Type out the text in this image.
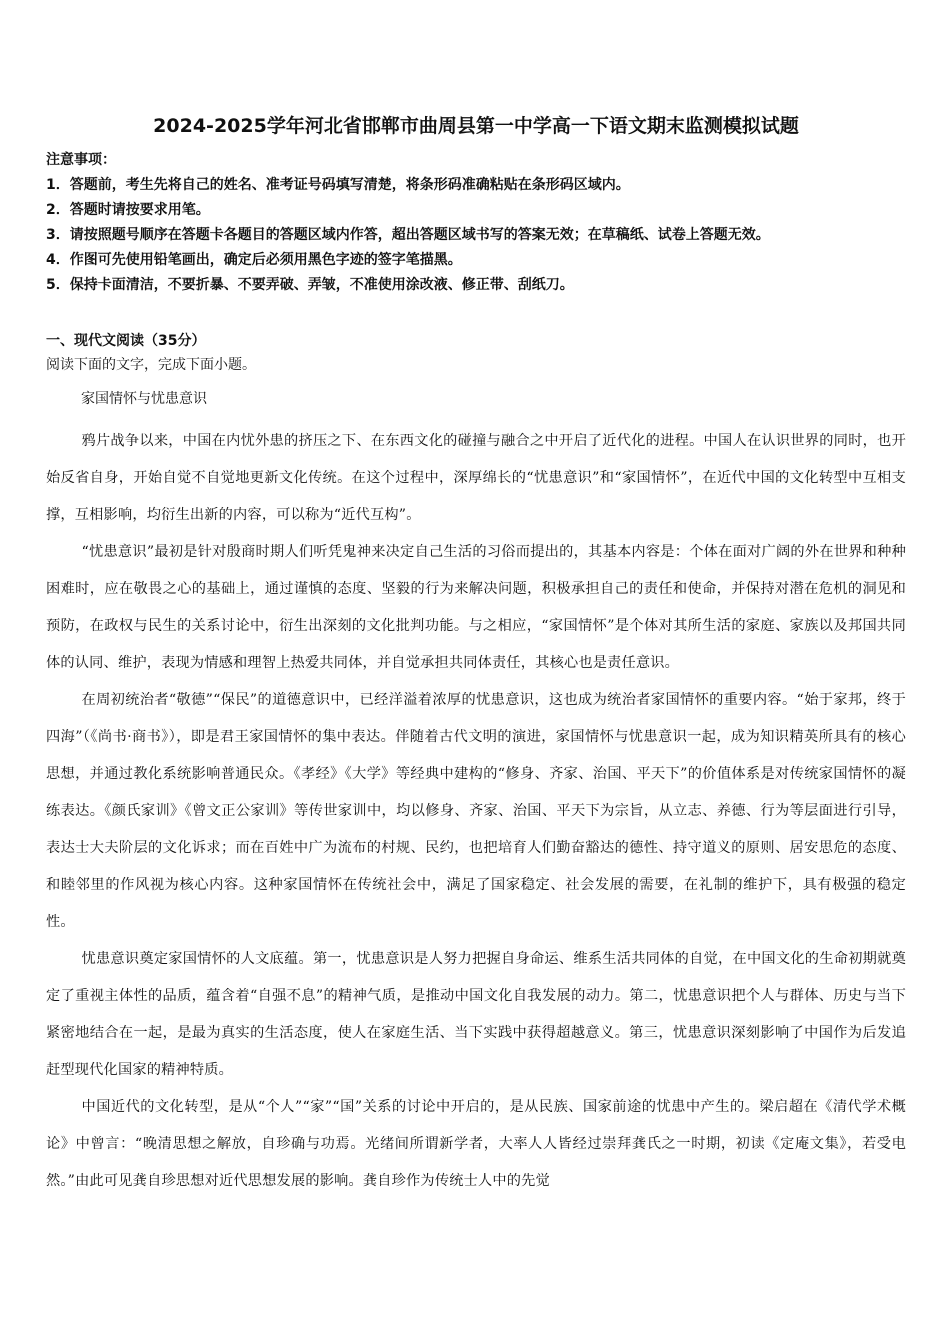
2024-2025学年河北省邯郸市曲周县第一中学高一下语文期末监测模拟试题

注意事项：

1．答题前，考生先将自己的姓名、准考证号码填写清楚，将条形码准确粘贴在条形码区域内。

2．答题时请按要求用笔。

3．请按照题号顺序在答题卡各题目的答题区域内作答，超出答题区域书写的答案无效；在草稿纸、试卷上答题无效。

4．作图可先使用铅笔画出，确定后必须用黑色字迹的签字笔描黑。

5．保持卡面清洁，不要折暴、不要弄破、弄皱，不准使用涂改液、修正带、刮纸刀。

一、现代文阅读（35分）

阅读下面的文字，完成下面小题。

家国情怀与忧患意识

鸦片战争以来，中国在内忧外患的挤压之下、在东西文化的碰撞与融合之中开启了近代化的进程。中国人在认识世界的同时，也开始反省自身，开始自觉不自觉地更新文化传统。在这个过程中，深厚绵长的“忧患意识”和“家国情怀”，在近代中国的文化转型中互相支撑，互相影响，均衍生出新的内容，可以称为“近代互构”。

“忧患意识”最初是针对殷商时期人们听凭鬼神来决定自己生活的习俗而提出的，其基本内容是：个体在面对广阔的外在世界和种种困难时，应在敬畏之心的基础上，通过谨慎的态度、坚毅的行为来解决问题，积极承担自己的责任和使命，并保持对潜在危机的洞见和预防，在政权与民生的关系讨论中，衍生出深刻的文化批判功能。与之相应，“家国情怀”是个体对其所生活的家庭、家族以及邦国共同体的认同、维护，表现为情感和理智上热爱共同体，并自觉承担共同体责任，其核心也是责任意识。

在周初统治者“敬德”“保民”的道德意识中，已经洋溢着浓厚的忧患意识，这也成为统治者家国情怀的重要内容。“始于家邦，终于四海”（《尚书·商书》），即是君王家国情怀的集中表达。伴随着古代文明的演进，家国情怀与忧患意识一起，成为知识精英所具有的核心思想，并通过教化系统影响普通民众。《孝经》《大学》等经典中建构的“修身、齐家、治国、平天下”的价值体系是对传统家国情怀的凝练表达。《颜氏家训》《曾文正公家训》等传世家训中，均以修身、齐家、治国、平天下为宗旨，从立志、养德、行为等层面进行引导，表达士大夫阶层的文化诉求；而在百姓中广为流布的村规、民约，也把培育人们勤奋豁达的德性、持守道义的原则、居安思危的态度、和睦邻里的作风视为核心内容。这种家国情怀在传统社会中，满足了国家稳定、社会发展的需要，在礼制的维护下，具有极强的稳定性。

忧患意识奠定家国情怀的人文底蕴。第一，忧患意识是人努力把握自身命运、维系生活共同体的自觉，在中国文化的生命初期就奠定了重视主体性的品质，蕴含着“自强不息”的精神气质，是推动中国文化自我发展的动力。第二，忧患意识把个人与群体、历史与当下紧密地结合在一起，是最为真实的生活态度，使人在家庭生活、当下实践中获得超越意义。第三，忧患意识深刻影响了中国作为后发追赶型现代化国家的精神特质。

中国近代的文化转型，是从“个人”“家”“国”关系的讨论中开启的，是从民族、国家前途的忧患中产生的。梁启超在《清代学术概论》中曾言：“晚清思想之解放，自珍确与功焉。光绪间所谓新学者，大率人人皆经过崇拜龚氏之一时期，初读《定庵文集》，若受电然。”由此可见龚自珍思想对近代思想发展的影响。龚自珍作为传统士人中的先觉
